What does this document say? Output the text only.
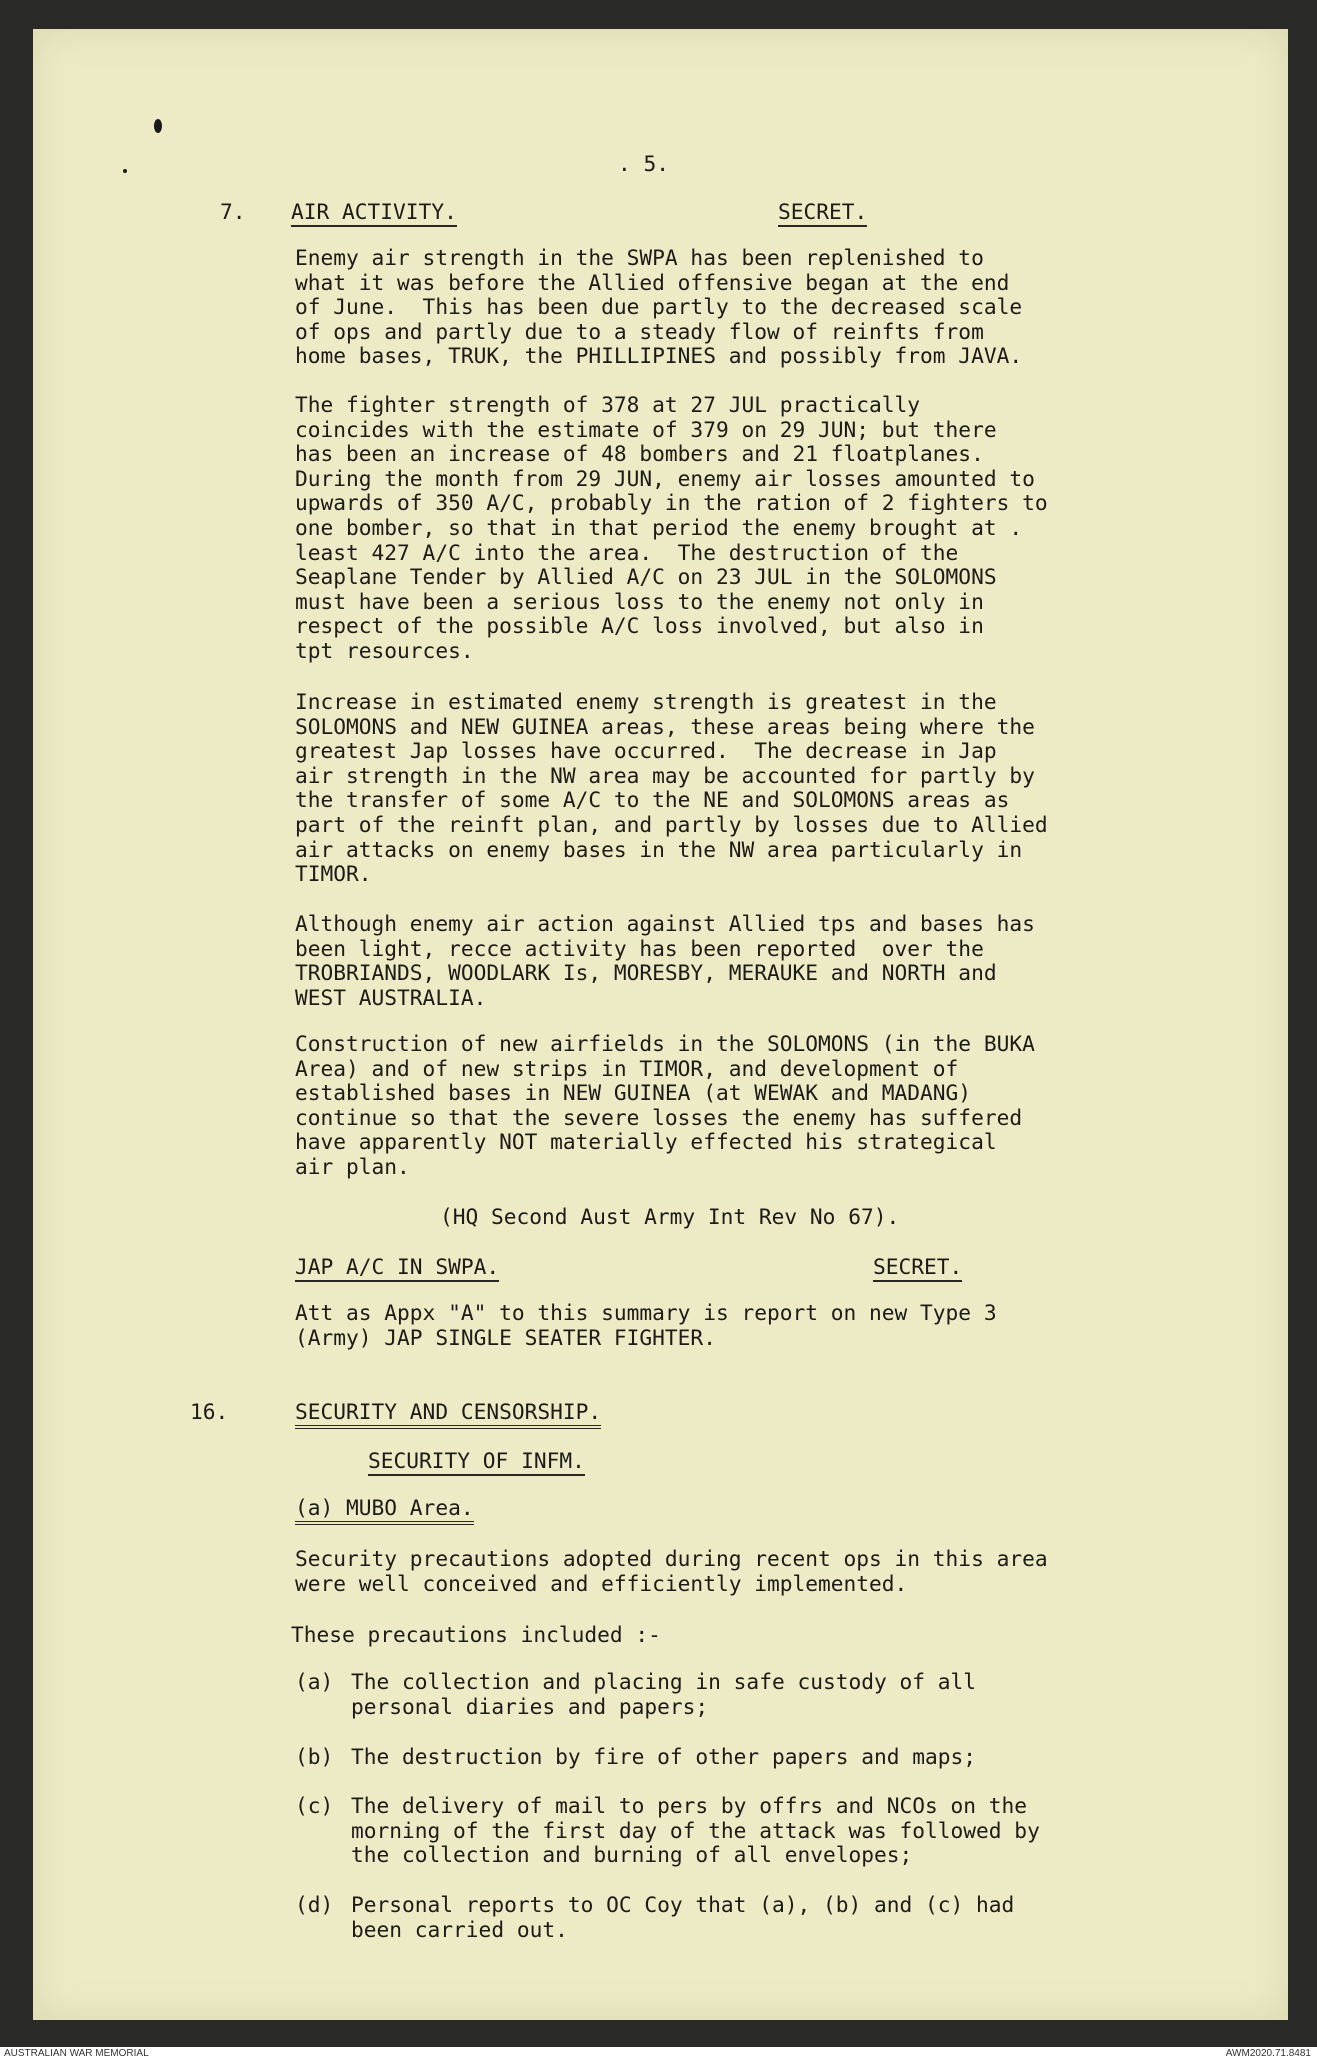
. 5.
7. AIR ACTIVITY.	SECRET.
Enemy air strength in the SWPA has been replenished to
what it was before the Allied offensive began at the end
of June.  This has been due partly to the decreased scale
of ops and partly due to a steady flow of reinfts from
home bases, TRUK, the PHILLIPINES and possibly from JAVA.
The fighter strength of 378 at 27 JUL practically
coincides with the estimate of 379 on 29 JUN; but there
has been an increase of 48 bombers and 21 floatplanes.
During the month from 29 JUN, enemy air losses amounted to
upwards of 350 A/C, probably in the ration of 2 fighters to
one bomber, so that in that period the enemy brought at .
least 427 A/C into the area.  The destruction of the
Seaplane Tender by Allied A/C on 23 JUL in the SOLOMONS
must have been a serious loss to the enemy not only in
respect of the possible A/C loss involved, but also in
tpt resources.
Increase in estimated enemy strength is greatest in the
SOLOMONS and NEW GUINEA areas, these areas being where the
greatest Jap losses have occurred.  The decrease in Jap
air strength in the NW area may be accounted for partly by
the transfer of some A/C to the NE and SOLOMONS areas as
part of the reinft plan, and partly by losses due to Allied
air attacks on enemy bases in the NW area particularly in
TIMOR.
Although enemy air action against Allied tps and bases has
been light, recce activity has been reported  over the
TROBRIANDS, WOODLARK Is, MORESBY, MERAUKE and NORTH and
WEST AUSTRALIA.
Construction of new airfields in the SOLOMONS (in the BUKA
Area) and of new strips in TIMOR, and development of
established bases in NEW GUINEA (at WEWAK and MADANG)
continue so that the severe losses the enemy has suffered
have apparently NOT materially effected his strategical
air plan.
(HQ Second Aust Army Int Rev No 67).
JAP A/C IN SWPA.	SECRET.
Att as Appx "A" to this summary is report on new Type 3
(Army) JAP SINGLE SEATER FIGHTER.
16.	SECURITY AND CENSORSHIP.
SECURITY OF INFM.
(a) MUBO Area.
Security precautions adopted during recent ops in this area
were well conceived and efficiently implemented.
These precautions included :-
(a) The collection and placing in safe custody of all
personal diaries and papers;
(b) The destruction by fire of other papers and maps;
(c) The delivery of mail to pers by offrs and NCOs on the
morning of the first day of the attack was followed by
the collection and burning of all envelopes;
(d) Personal reports to OC Coy that (a), (b) and (c) had
been carried out.
AUSTRALIAN WAR MEMORIAL	AWM2020.71.8481
